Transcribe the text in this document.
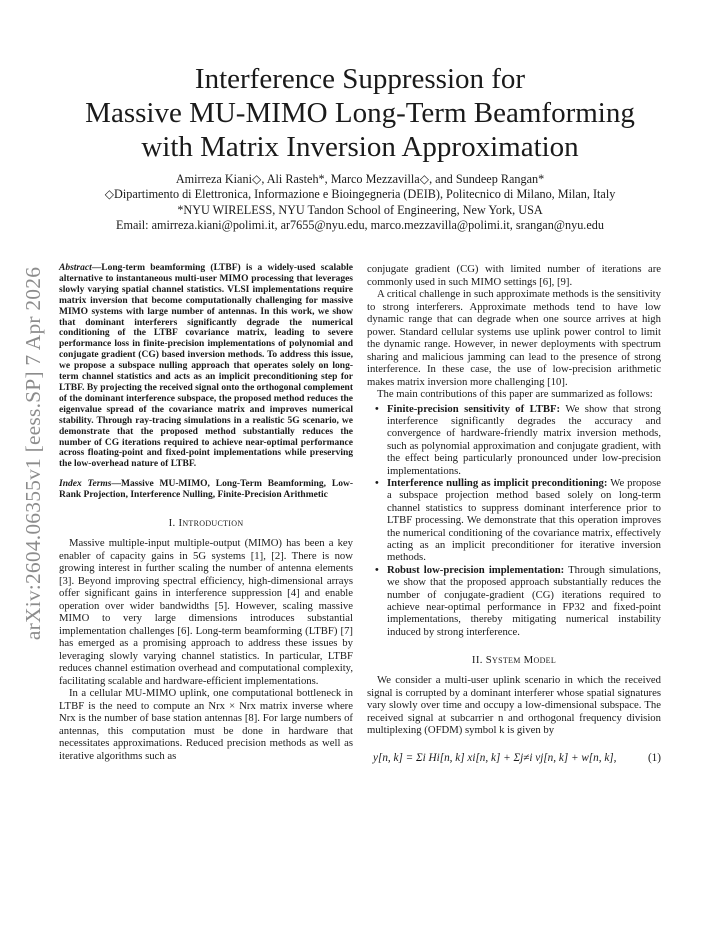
arXiv:2604.06355v1 [eess.SP] 7 Apr 2026
Interference Suppression for
Massive MU-MIMO Long-Term Beamforming
with Matrix Inversion Approximation
Amirreza Kiani◇, Ali Rasteh*, Marco Mezzavilla◇, and Sundeep Rangan*
◇Dipartimento di Elettronica, Informazione e Bioingegneria (DEIB), Politecnico di Milano, Milan, Italy
*NYU WIRELESS, NYU Tandon School of Engineering, New York, USA
Email: amirreza.kiani@polimi.it, ar7655@nyu.edu, marco.mezzavilla@polimi.it, srangan@nyu.edu

Abstract—Long-term beamforming (LTBF) is a widely-used scalable alternative to instantaneous multi-user MIMO processing that leverages slowly varying spatial channel statistics. VLSI implementations require matrix inversion that become computationally challenging for massive MIMO systems with large number of antennas. In this work, we show that dominant interferers significantly degrade the numerical conditioning of the LTBF covariance matrix, leading to severe performance loss in finite-precision implementations of polynomial and conjugate gradient (CG) based inversion methods. To address this issue, we propose a subspace nulling approach that operates solely on long-term channel statistics and acts as an implicit preconditioning step for LTBF. By projecting the received signal onto the orthogonal complement of the dominant interference subspace, the proposed method reduces the eigenvalue spread of the covariance matrix and improves numerical stability. Through ray-tracing simulations in a realistic 5G scenario, we demonstrate that the proposed method substantially reduces the number of CG iterations required to achieve near-optimal performance across floating-point and fixed-point implementations while preserving the low-overhead nature of LTBF.

Index Terms—Massive MU-MIMO, Long-Term Beamforming, Low-Rank Projection, Interference Nulling, Finite-Precision Arithmetic

I. Introduction

Massive multiple-input multiple-output (MIMO) has been a key enabler of capacity gains in 5G systems [1], [2]. There is now growing interest in further scaling the number of antenna elements [3]. Beyond improving spectral efficiency, high-dimensional arrays offer significant gains in interference suppression [4] and enable operation over wider bandwidths [5]. However, scaling massive MIMO to very large dimensions introduces substantial implementation challenges [6]. Long-term beamforming (LTBF) [7] has emerged as a promising approach to address these issues by leveraging slowly varying channel statistics. In particular, LTBF reduces channel estimation overhead and computational complexity, facilitating scalable and hardware-efficient implementations.

In a cellular MU-MIMO uplink, one computational bottleneck in LTBF is the need to compute an Nrx × Nrx matrix inverse where Nrx is the number of base station antennas [8]. For large numbers of antennas, this computation must be done in hardware that necessitates approximations. Reduced precision methods as well as iterative algorithms such as

conjugate gradient (CG) with limited number of iterations are commonly used in such MIMO settings [6], [9].

A critical challenge in such approximate methods is the sensitivity to strong interferers. Approximate methods tend to have low dynamic range that can degrade when one source arrives at high power. Standard cellular systems use uplink power control to limit the dynamic range. However, in newer deployments with spectrum sharing and malicious jamming can lead to the presence of strong interference. In these case, the use of low-precision arithmetic makes matrix inversion more challenging [10].

The main contributions of this paper are summarized as follows:

• Finite-precision sensitivity of LTBF: We show that strong interference significantly degrades the accuracy and convergence of hardware-friendly matrix inversion methods, such as polynomial approximation and conjugate gradient, with the effect being particularly pronounced under low-precision implementations.
• Interference nulling as implicit preconditioning: We propose a subspace projection method based solely on long-term channel statistics to suppress dominant interference prior to LTBF processing. We demonstrate that this operation improves the numerical conditioning of the covariance matrix, effectively acting as an implicit preconditioner for iterative inversion methods.
• Robust low-precision implementation: Through simulations, we show that the proposed approach substantially reduces the number of conjugate-gradient (CG) iterations required to achieve near-optimal performance in FP32 and fixed-point implementations, thereby mitigating numerical instability induced by strong interference.
II. System Model

We consider a multi-user uplink scenario in which the received signal is corrupted by a dominant interferer whose spatial signatures vary slowly over time and occupy a low-dimensional subspace. The received signal at subcarrier n and orthogonal frequency division multiplexing (OFDM) symbol k is given by

y[n, k] = Σi Hi[n, k] xi[n, k] + Σj≠i vj[n, k] + w[n, k],	(1)
